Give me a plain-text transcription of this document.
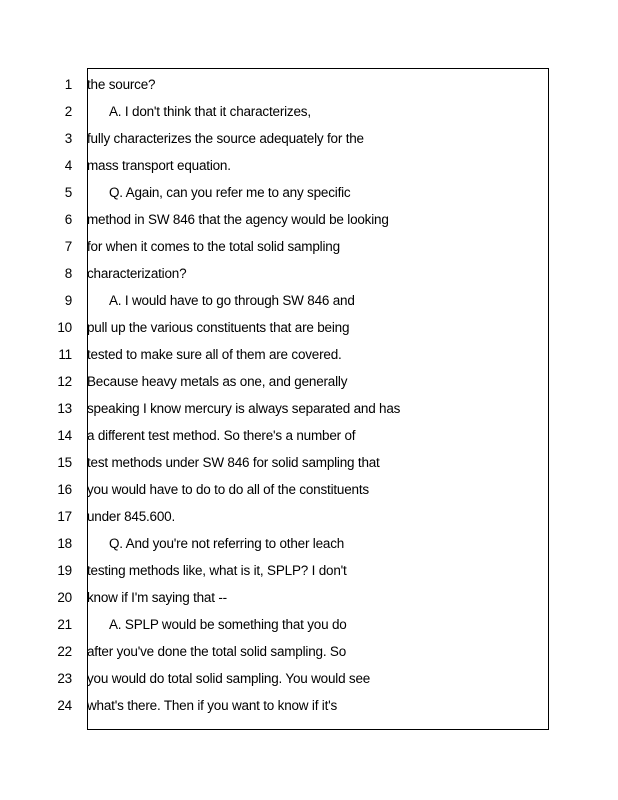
1
2
3
4
5
6
7
8
9
10
11
12
13
14
15
16
17
18
19
20
21
22
23
24
the source?
A. I don't think that it characterizes,
fully characterizes the source adequately for the
mass transport equation.
Q. Again, can you refer me to any specific
method in SW 846 that the agency would be looking
for when it comes to the total solid sampling
characterization?
A. I would have to go through SW 846 and
pull up the various constituents that are being
tested to make sure all of them are covered.
Because heavy metals as one, and generally
speaking I know mercury is always separated and has
a different test method. So there's a number of
test methods under SW 846 for solid sampling that
you would have to do to do all of the constituents
under 845.600.
Q. And you're not referring to other leach
testing methods like, what is it, SPLP? I don't
know if I'm saying that --
A. SPLP would be something that you do
after you've done the total solid sampling. So
you would do total solid sampling. You would see
what's there. Then if you want to know if it's
